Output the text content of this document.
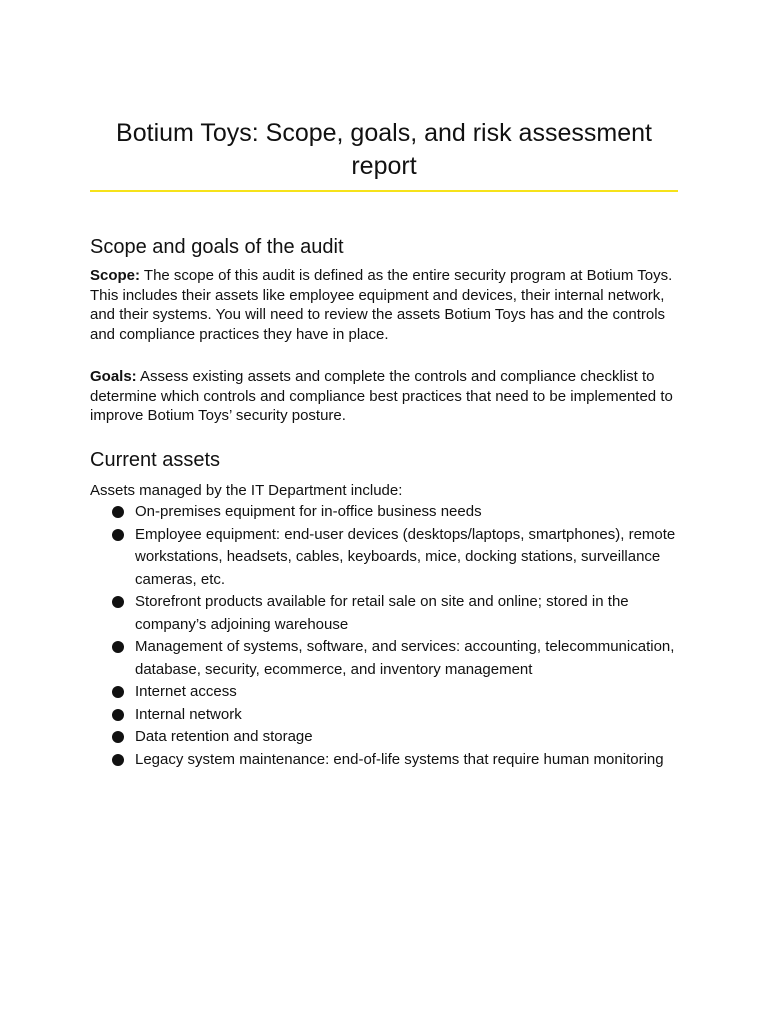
Botium Toys: Scope, goals, and risk assessment report
Scope and goals of the audit

Scope: The scope of this audit is defined as the entire security program at Botium Toys. This includes their assets like employee equipment and devices, their internal network, and their systems. You will need to review the assets Botium Toys has and the controls and compliance practices they have in place.

Goals: Assess existing assets and complete the controls and compliance checklist to determine which controls and compliance best practices that need to be implemented to improve Botium Toys’ security posture.

Current assets

Assets managed by the IT Department include:

On-premises equipment for in-office business needs
Employee equipment: end-user devices (desktops/laptops, smartphones), remote workstations, headsets, cables, keyboards, mice, docking stations, surveillance cameras, etc.
Storefront products available for retail sale on site and online; stored in the company’s adjoining warehouse
Management of systems, software, and services: accounting, telecommunication, database, security, ecommerce, and inventory management
Internet access
Internal network
Data retention and storage
Legacy system maintenance: end-of-life systems that require human monitoring
